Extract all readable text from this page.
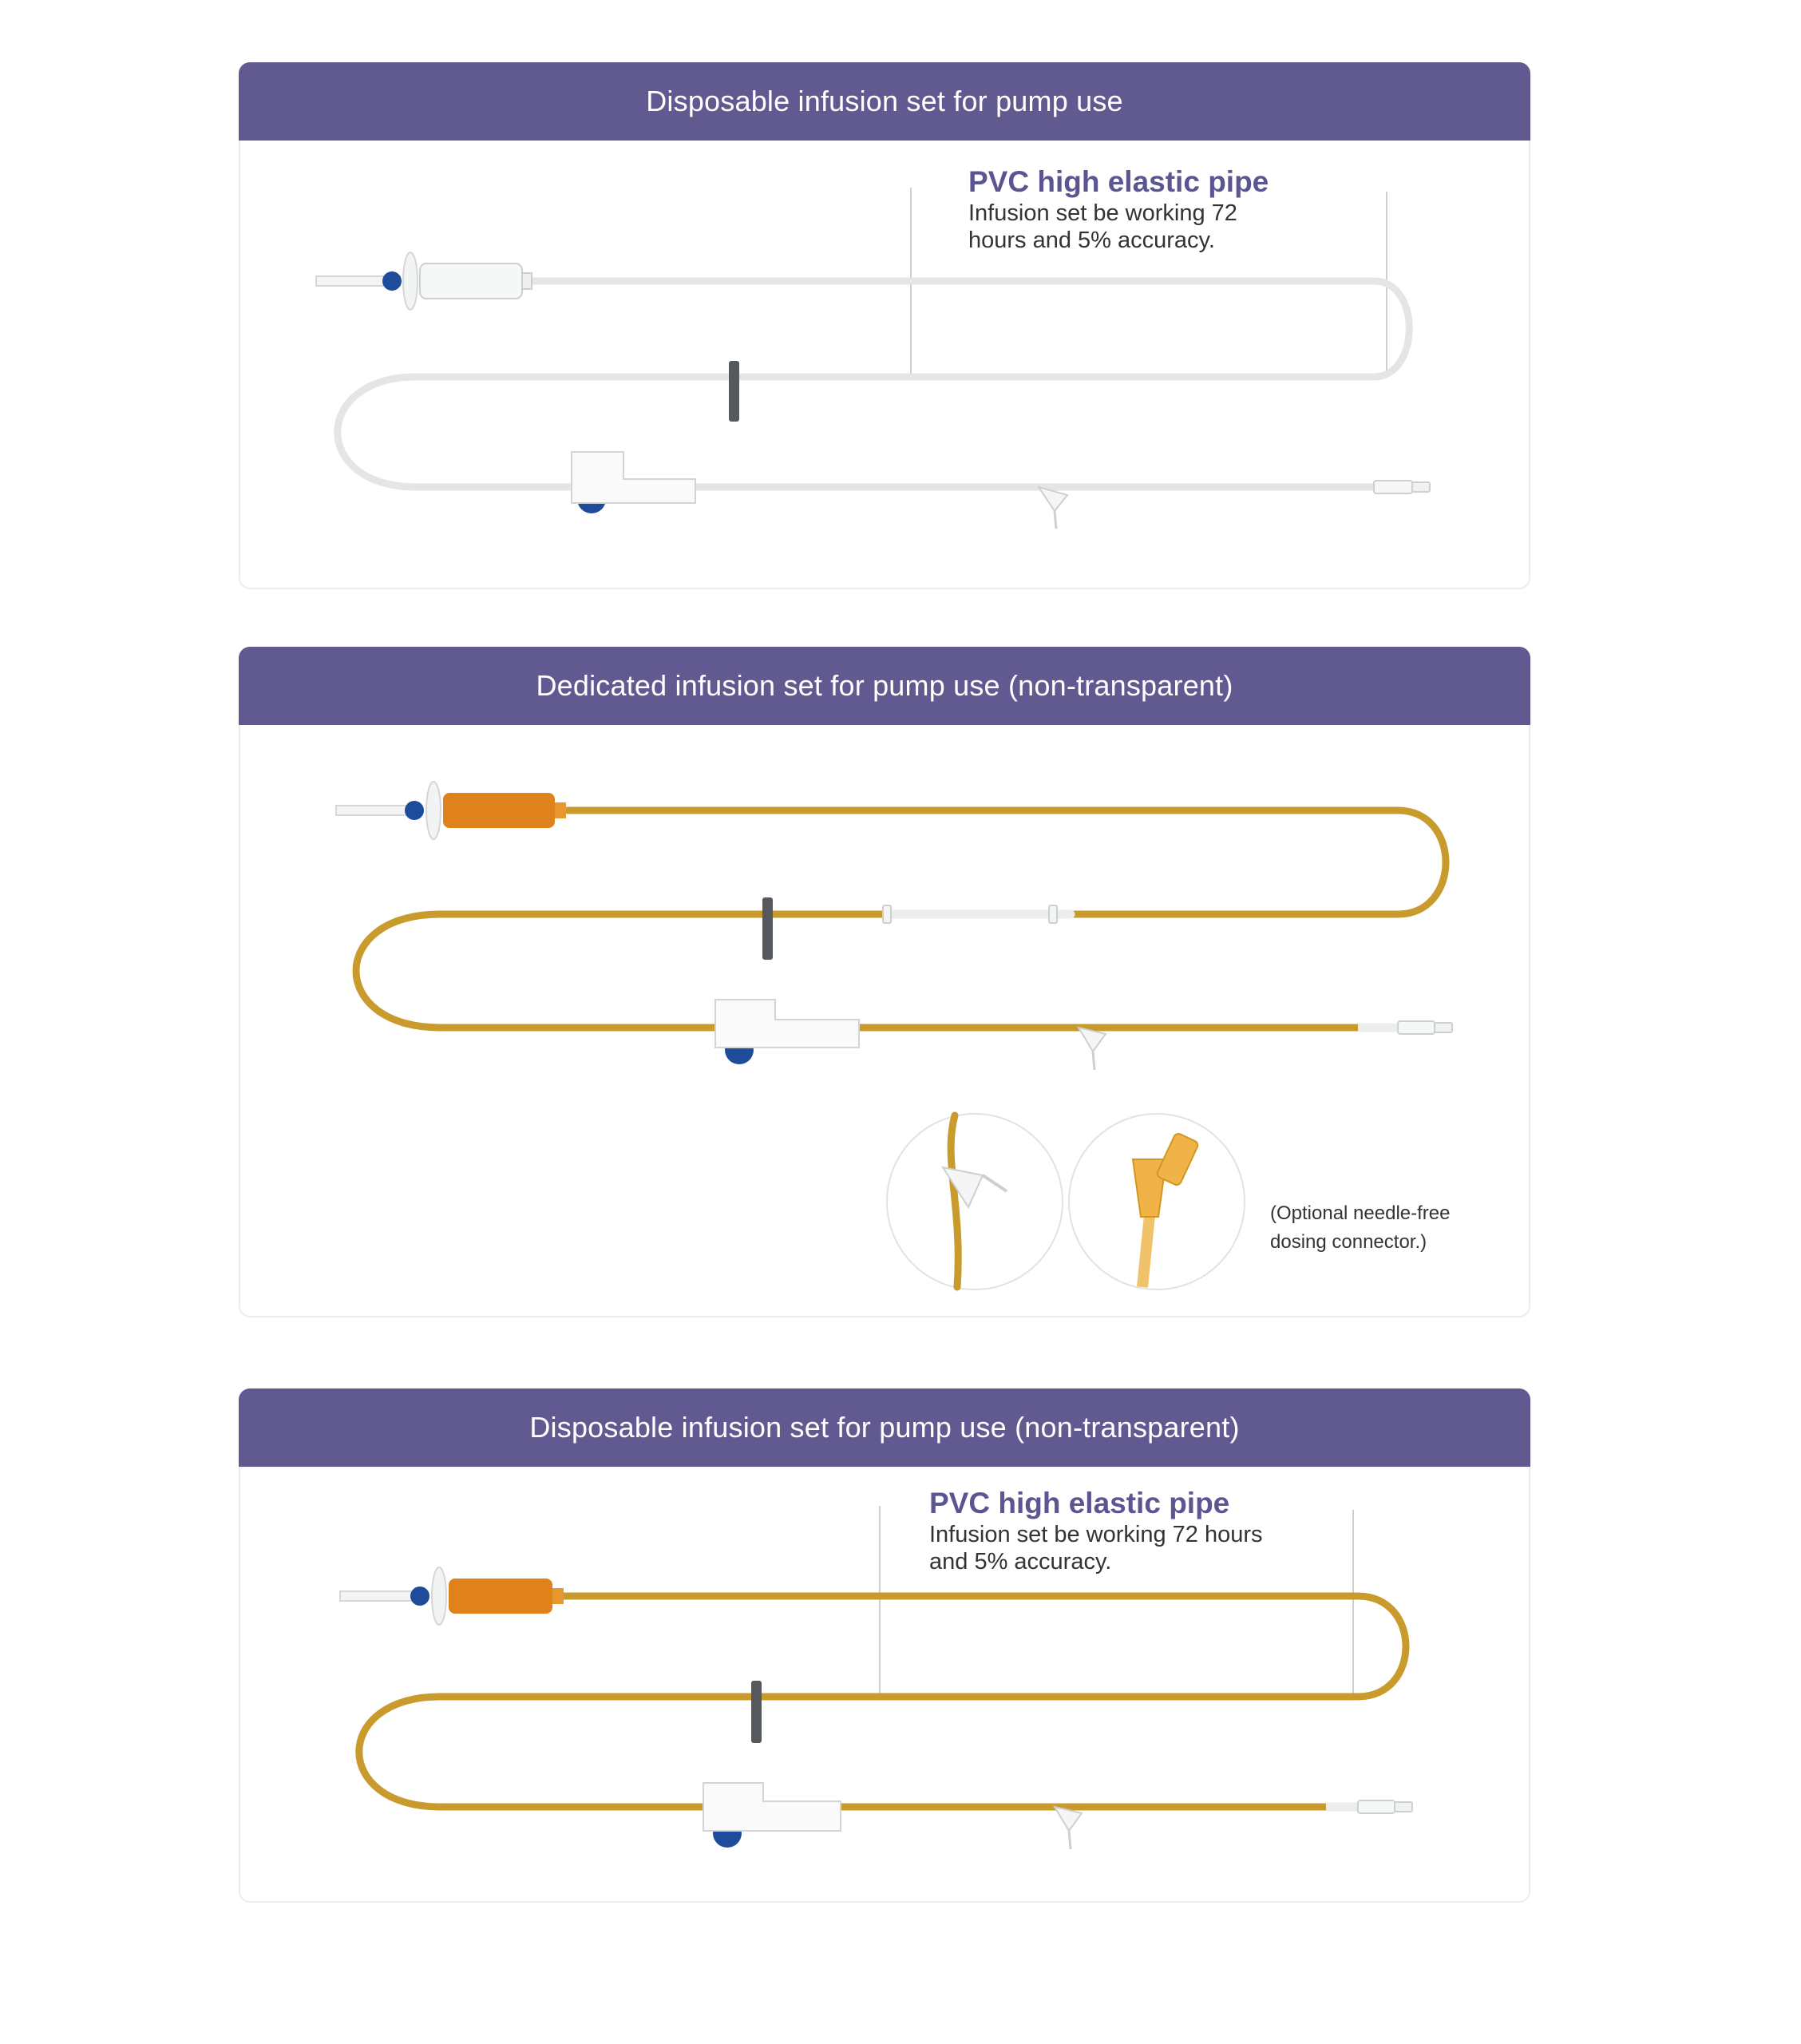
Disposable infusion set for pump use
PVC high elastic pipe
Infusion set be working 72
hours and 5% accuracy.
Dedicated infusion set for pump use (non-transparent)
(Optional needle-free
dosing connector.)
Disposable infusion set for pump use (non-transparent)
PVC high elastic pipe
Infusion set be working 72 hours
and 5% accuracy.
